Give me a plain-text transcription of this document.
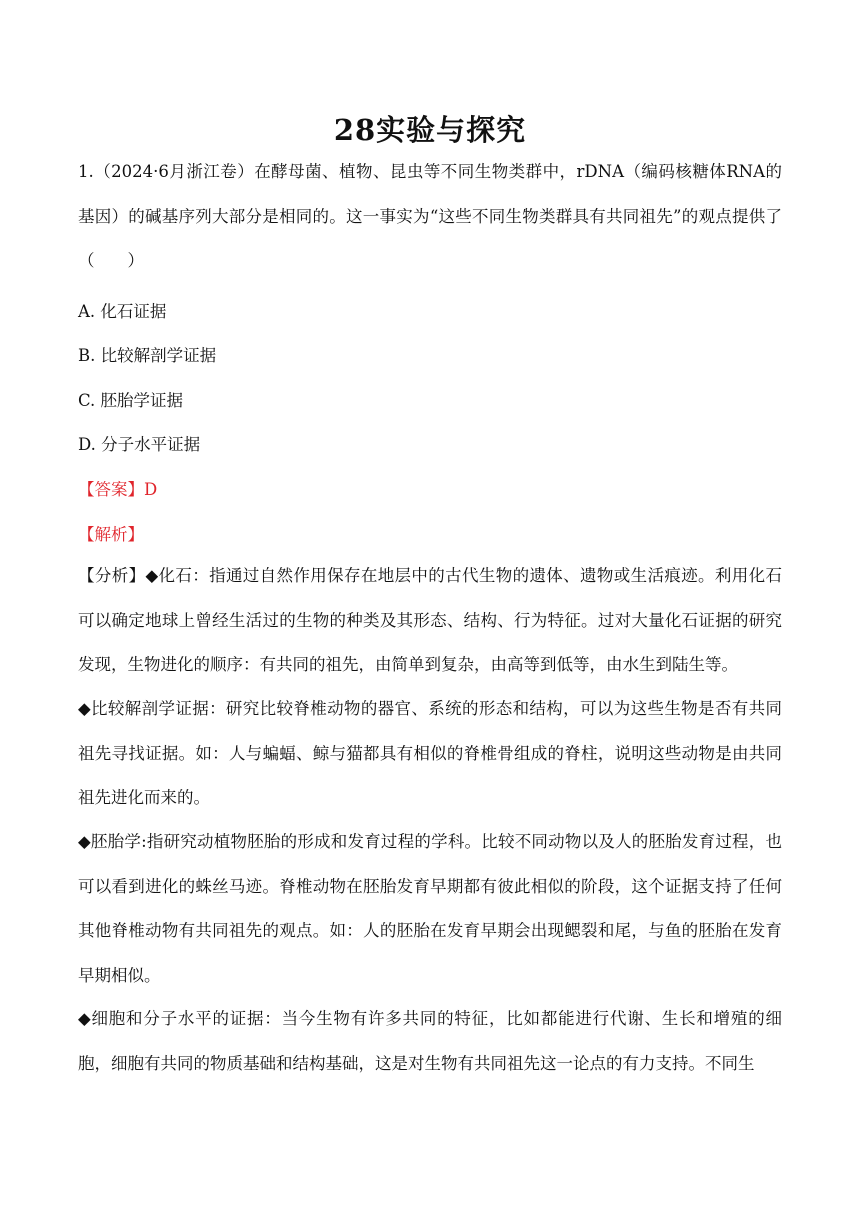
28实验与探究

1.（2024·6月浙江卷）在酵母菌、植物、昆虫等不同生物类群中，rDNA（编码核糖体RNA的基因）的碱基序列大部分是相同的。这一事实为“这些不同生物类群具有共同祖先”的观点提供了（　　）

A. 化石证据

B. 比较解剖学证据

C. 胚胎学证据

D. 分子水平证据

【答案】D

【解析】

【分析】◆化石：指通过自然作用保存在地层中的古代生物的遗体、遗物或生活痕迹。利用化石可以确定地球上曾经生活过的生物的种类及其形态、结构、行为特征。过对大量化石证据的研究发现，生物进化的顺序：有共同的祖先，由简单到复杂，由高等到低等，由水生到陆生等。

◆比较解剖学证据：研究比较脊椎动物的器官、系统的形态和结构，可以为这些生物是否有共同祖先寻找证据。如：人与蝙蝠、鲸与猫都具有相似的脊椎骨组成的脊柱，说明这些动物是由共同祖先进化而来的。

◆胚胎学:指研究动植物胚胎的形成和发育过程的学科。比较不同动物以及人的胚胎发育过程，也可以看到进化的蛛丝马迹。脊椎动物在胚胎发育早期都有彼此相似的阶段，这个证据支持了任何其他脊椎动物有共同祖先的观点。如：人的胚胎在发育早期会出现鳃裂和尾，与鱼的胚胎在发育早期相似。

◆细胞和分子水平的证据：当今生物有许多共同的特征，比如都能进行代谢、生长和增殖的细胞，细胞有共同的物质基础和结构基础，这是对生物有共同祖先这一论点的有力支持。不同生
